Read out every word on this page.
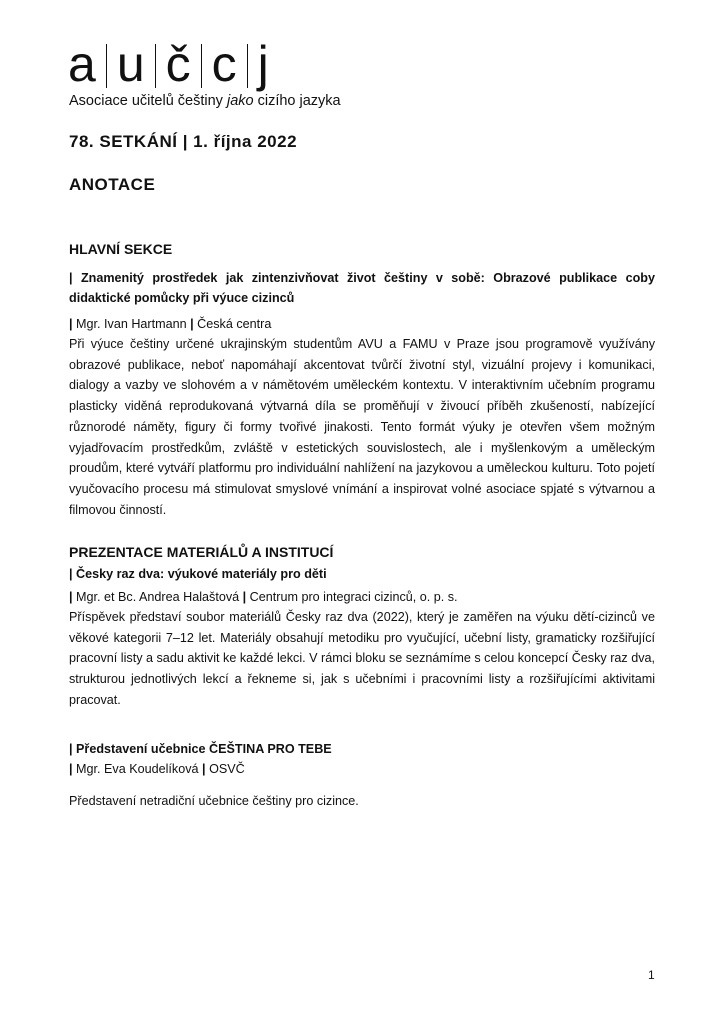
a u č c j
Asociace učitelů češtiny jako cizího jazyka
78. SETKÁNÍ | 1. října 2022
ANOTACE
HLAVNÍ SEKCE
| Znamenitý prostředek jak zintenzivňovat život češtiny v sobě: Obrazové publikace coby didaktické pomůcky při výuce cizinců
| Mgr. Ivan Hartmann | Česká centra
Při výuce češtiny určené ukrajinským studentům AVU a FAMU v Praze jsou programově využívány obrazové publikace, neboť napomáhají akcentovat tvůrčí životní styl, vizuální projevy i komunikaci, dialogy a vazby ve slohovém a v námětovém uměleckém kontextu. V interaktivním učebním programu plasticky viděná reprodukovaná výtvarná díla se proměňují v živoucí příběh zkušeností, nabízející různorodé náměty, figury či formy tvořivé jinakosti. Tento formát výuky je otevřen všem možným vyjadřovacím prostředkům, zvláště v estetických souvislostech, ale i myšlenkovým a uměleckým proudům, které vytváří platformu pro individuální nahlížení na jazykovou a uměleckou kulturu. Toto pojetí vyučovacího procesu má stimulovat smyslové vnímání a inspirovat volné asociace spjaté s výtvarnou a filmovou činností.
PREZENTACE MATERIÁLŮ A INSTITUCÍ
| Česky raz dva: výukové materiály pro děti
| Mgr. et Bc. Andrea Halaštová | Centrum pro integraci cizinců, o. p. s.
Příspěvek představí soubor materiálů Česky raz dva (2022), který je zaměřen na výuku dětí-cizinců ve věkové kategorii 7–12 let. Materiály obsahují metodiku pro vyučující, učební listy, gramaticky rozšiřující pracovní listy a sadu aktivit ke každé lekci. V rámci bloku se seznámíme s celou koncepcí Česky raz dva, strukturou jednotlivých lekcí a řekneme si, jak s učebními i pracovními listy a rozšiřujícími aktivitami pracovat.
| Představení učebnice ČEŠTINA PRO TEBE
| Mgr. Eva Koudelíková | OSVČ
Představení netradiční učebnice češtiny pro cizince.
1
